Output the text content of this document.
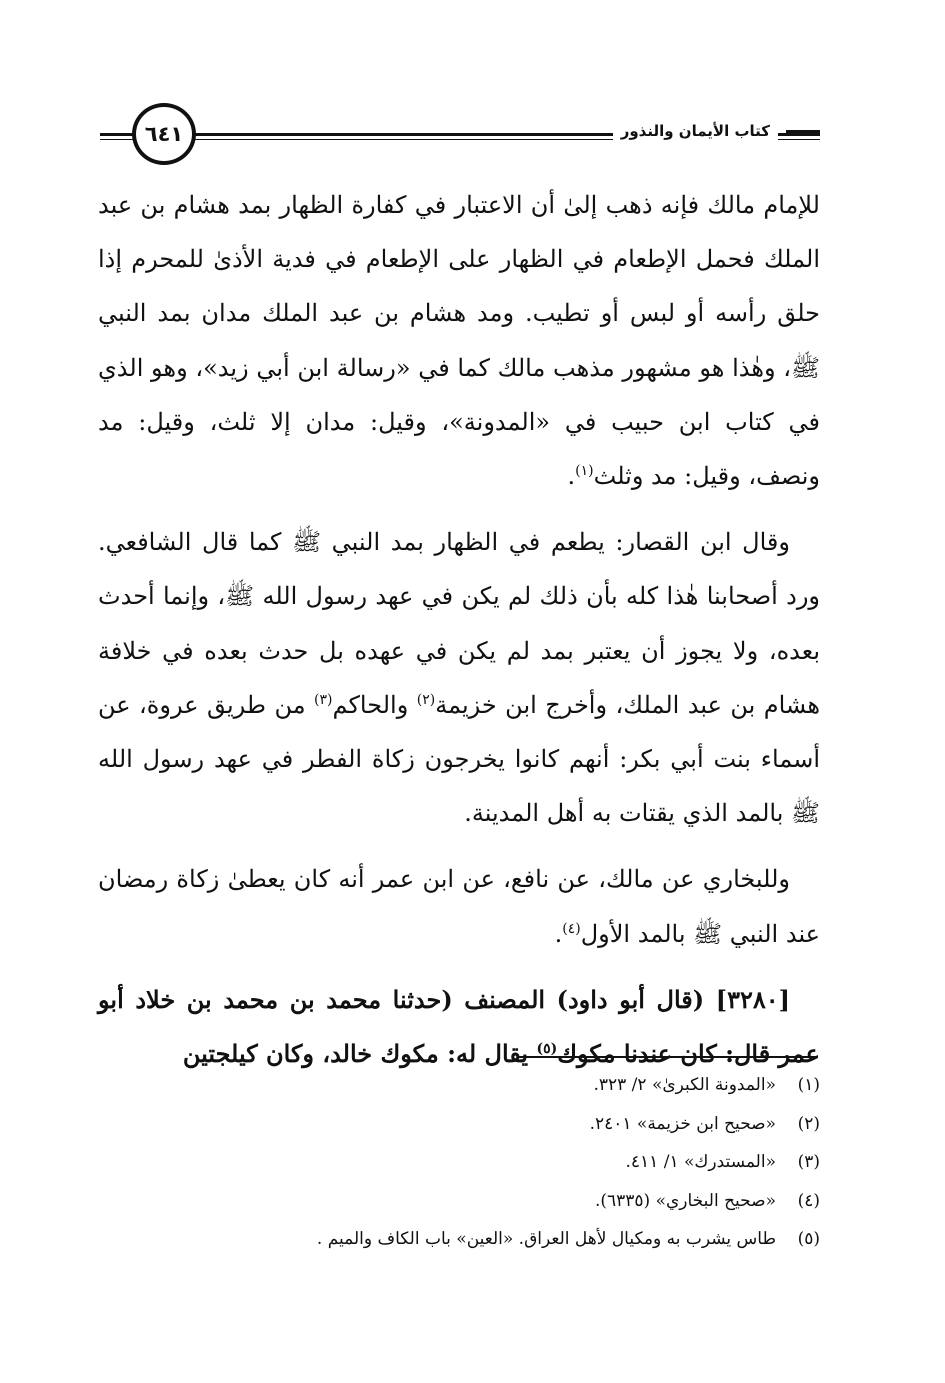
٦٤١	كتاب الأيمان والنذور

للإمام مالك فإنه ذهب إلىٰ أن الاعتبار في كفارة الظهار بمد هشام بن عبد الملك فحمل الإطعام في الظهار على الإطعام في فدية الأذىٰ للمحرم إذا حلق رأسه أو لبس أو تطيب. ومد هشام بن عبد الملك مدان بمد النبي ﷺ، وهٰذا هو مشهور مذهب مالك كما في «رسالة ابن أبي زيد»، وهو الذي في كتاب ابن حبيب في «المدونة»، وقيل: مدان إلا ثلث، وقيل: مد ونصف، وقيل: مد وثلث$^{(١)}$.

وقال ابن القصار: يطعم في الظهار بمد النبي ﷺ كما قال الشافعي. ورد أصحابنا هٰذا كله بأن ذلك لم يكن في عهد رسول الله ﷺ، وإنما أحدث بعده، ولا يجوز أن يعتبر بمد لم يكن في عهده بل حدث بعده في خلافة هشام بن عبد الملك، وأخرج ابن خزيمة$^{(٢)}$ والحاكم$^{(٣)}$ من طريق عروة، عن أسماء بنت أبي بكر: أنهم كانوا يخرجون زكاة الفطر في عهد رسول الله ﷺ بالمد الذي يقتات به أهل المدينة.

وللبخاري عن مالك، عن نافع، عن ابن عمر أنه كان يعطىٰ زكاة رمضان عند النبي ﷺ بالمد الأول$^{(٤)}$.

[٣٢٨٠] (قال أبو داود) المصنف (حدثنا محمد بن محمد بن خلاد أبو عمر قال: كان عندنا مكوك$^{(٥)}$ يقال له: مكوك خالد، وكان كيلجتين

(١)«المدونة الكبرىٰ» ٢/ ٣٢٣.
(٢)«صحيح ابن خزيمة» ٢٤٠١.
(٣)«المستدرك» ١/ ٤١١.
(٤)«صحيح البخاري» (٦٣٣٥).
(٥)طاس يشرب به ومكيال لأهل العراق. «العين» باب الكاف والميم .
